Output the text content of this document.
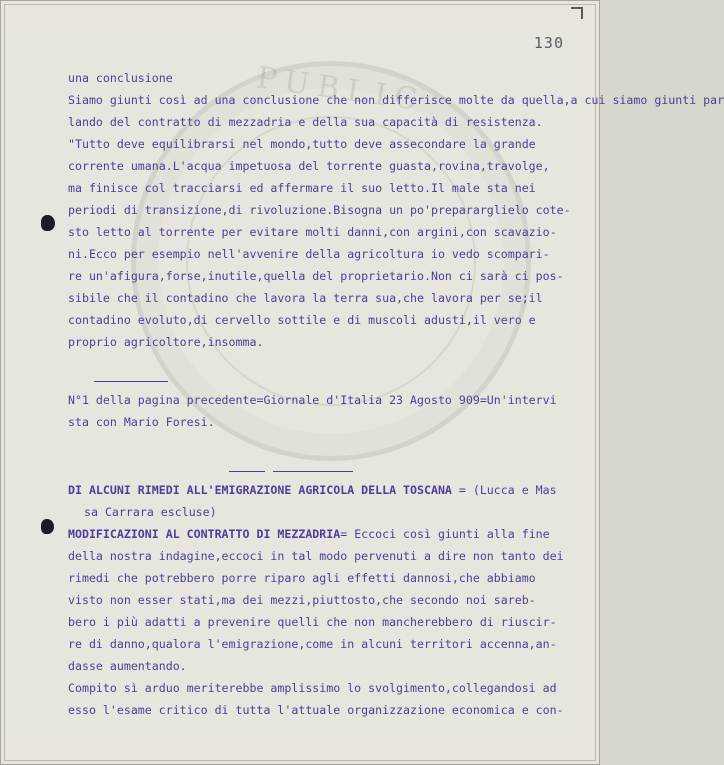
PUBLIC
130
una conclusione
Siamo giunti così ad una conclusione che non differisce molte da quella,a cui siamo giunti par
lando del contratto di mezzadria e della sua capacità di resistenza.
"Tutto deve equilibrarsi nel mondo,tutto deve assecondare la grande
corrente umana.L'acqua impetuosa del torrente guasta,rovina,travolge,
ma finisce col tracciarsi ed affermare il suo letto.Il male sta nei
periodi di transizione,di rivoluzione.Bisogna un po'prepararglielo cote-
sto letto al torrente per evitare molti danni,con argini,con scavazio-
ni.Ecco per esempio nell'avvenire della agricoltura io vedo scompari-
re un'afigura,forse,inutile,quella del proprietario.Non ci sarà ci pos-
sibile che il contadino che lavora la terra sua,che lavora per se;il
contadino evoluto,di cervello sottile e di muscoli adusti,il vero e
proprio agricoltore,insomma.
N°1 della pagina precedente=Giornale d'Italia 23 Agosto 909=Un'intervi
sta con Mario Foresi.
DI ALCUNI RIMEDI ALL'EMIGRAZIONE AGRICOLA DELLA TOSCANA = (Lucca e Mas
sa Carrara escluse)
MODIFICAZIONI AL CONTRATTO DI MEZZADRIA= Eccoci così giunti alla fine
della nostra indagine,eccoci in tal modo pervenuti a dire non tanto dei
rimedi che potrebbero porre riparo agli effetti dannosi,che abbiamo
visto non esser stati,ma dei mezzi,piuttosto,che secondo noi sareb-
bero i più adatti a prevenire quelli che non mancherebbero di riuscir-
re di danno,qualora l'emigrazione,come in alcuni territori accenna,an-
dasse aumentando.
Compito sì arduo meriterebbe amplissimo lo svolgimento,collegandosi ad
esso l'esame critico di tutta l'attuale organizzazione economica e con-
